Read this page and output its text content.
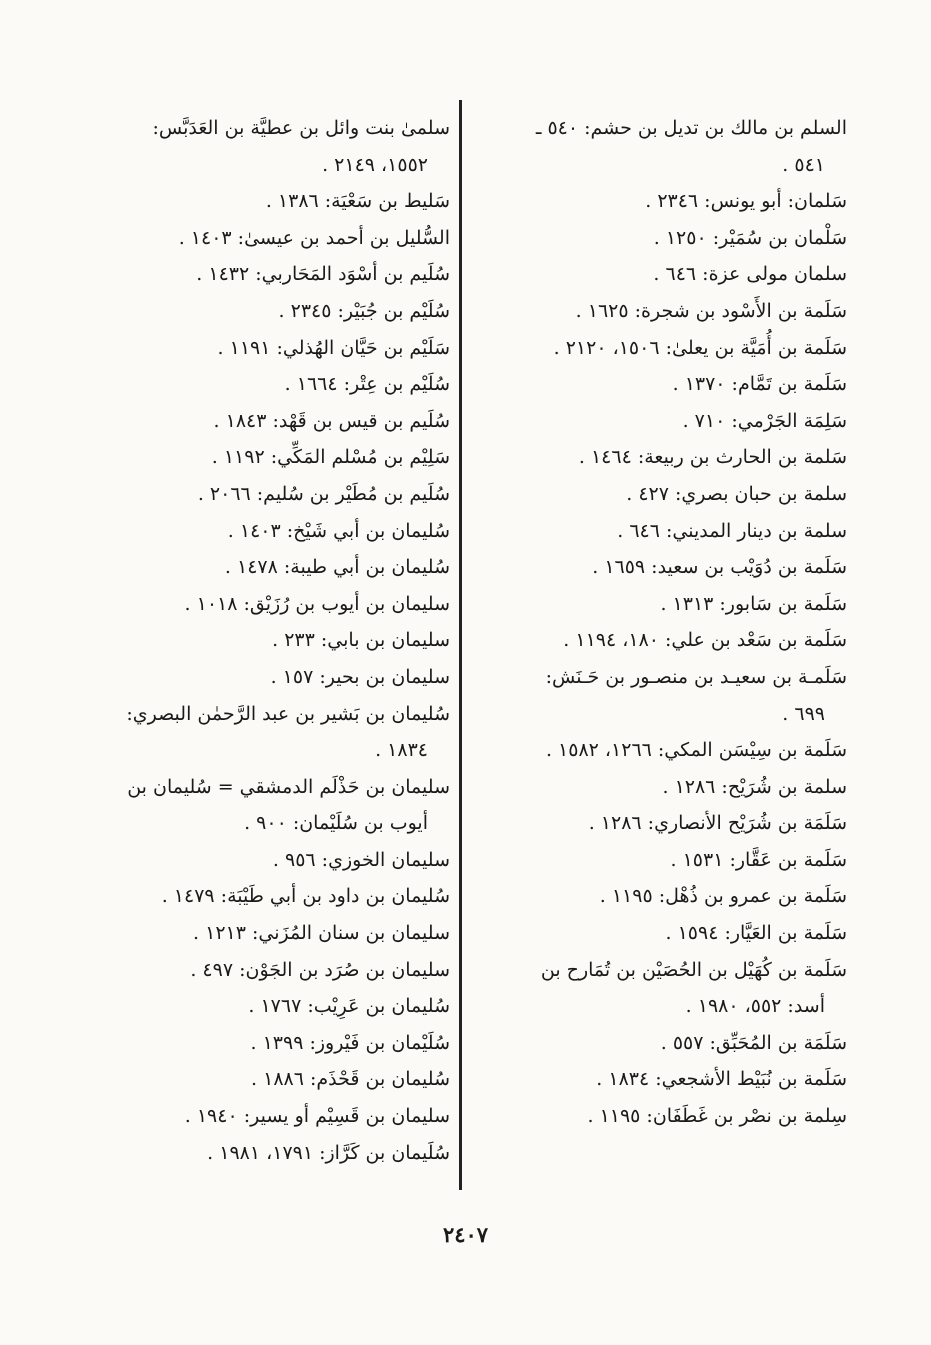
السلم بن مالك بن تديل بن حشم: ٥٤٠ ـ
٥٤١ .
سَلمان: أبو يونس: ٢٣٤٦ .
سَلْمان بن سُمَيْر: ١٢٥٠ .
سلمان مولى عزة: ٦٤٦ .
سَلَمة بن الأَسْود بن شجرة: ١٦٢٥ .
سَلَمة بن أُمَيَّة بن يعلىٰ: ١٥٠٦، ٢١٢٠ .
سَلَمة بن تَمَّام: ١٣٧٠ .
سَلِمَة الجَرْمي: ٧١٠ .
سَلمة بن الحارث بن ربيعة: ١٤٦٤ .
سلمة بن حبان بصري: ٤٢٧ .
سلمة بن دينار المديني: ٦٤٦ .
سَلَمة بن دُوَيْب بن سعيد: ١٦٥٩ .
سَلَمة بن سَابور: ١٣١٣ .
سَلَمة بن سَعْد بن علي: ١٨٠، ١١٩٤ .
سَلَمـة بن سعيـد بن منصـور بن حَـنَش:
٦٩٩ .
سَلَمة بن سِيْسَن المكي: ١٢٦٦، ١٥٨٢ .
سلمة بن شُرَيْح: ١٢٨٦ .
سَلَمَة بن شُرَيْح الأنصاري: ١٢٨٦ .
سَلَمة بن عَقَّار: ١٥٣١ .
سَلَمة بن عمرو بن ذُهْل: ١١٩٥ .
سَلَمة بن العَيَّار: ١٥٩٤ .
سَلَمة بن كُهَيْل بن الحُصَيْن بن تُمَارح بن
أسد: ٥٥٢، ١٩٨٠ .
سَلَمَة بن المُحَبِّق: ٥٥٧ .
سَلَمة بن نُبَيْط الأشجعي: ١٨٣٤ .
سِلمة بن نصْر بن غَطَفَان: ١١٩٥ .
سلمىٰ بنت وائل بن عطيَّة بن العَدَبَّس:
١٥٥٢، ٢١٤٩ .
سَليط بن سَعْيَة: ١٣٨٦ .
السُّليل بن أحمد بن عيسىٰ: ١٤٠٣ .
سُلَيم بن أسْوَد المَحَاربي: ١٤٣٢ .
سُلَيْم بن جُبَيْر: ٢٣٤٥ .
سَلَيْم بن حَيَّان الهُذلي: ١١٩١ .
سُلَيْم بن عِتْر: ١٦٦٤ .
سُلَيم بن قيس بن قَهْد: ١٨٤٣ .
سَلِيْم بن مُسْلم المَكِّي: ١١٩٢ .
سُلَيم بن مُطَيْر بن سُليم: ٢٠٦٦ .
سُليمان بن أبي شَيْخ: ١٤٠٣ .
سُليمان بن أبي طيبة: ١٤٧٨ .
سليمان بن أيوب بن رُزَيْق: ١٠١٨ .
سليمان بن بابي: ٢٣٣ .
سليمان بن بحير: ١٥٧ .
سُليمان بن بَشير بن عبد الرَّحمٰن البصري:
١٨٣٤ .
سليمان بن حَذْلَم الدمشقي = سُليمان بن
أيوب بن سُلَيْمان: ٩٠٠ .
سليمان الخوزي: ٩٥٦ .
سُليمان بن داود بن أبي طَيْبَة: ١٤٧٩ .
سليمان بن سنان المُزَني: ١٢١٣ .
سليمان بن صُرَد بن الجَوْن: ٤٩٧ .
سُليمان بن عَرِيْب: ١٧٦٧ .
سُلَيْمان بن فَيْروز: ١٣٩٩ .
سُليمان بن قَحْذَم: ١٨٨٦ .
سليمان بن قَسِيْم أو يسير: ١٩٤٠ .
سُلَيمان بن كَرَّاز: ١٧٩١، ١٩٨١ .
٢٤٠٧
